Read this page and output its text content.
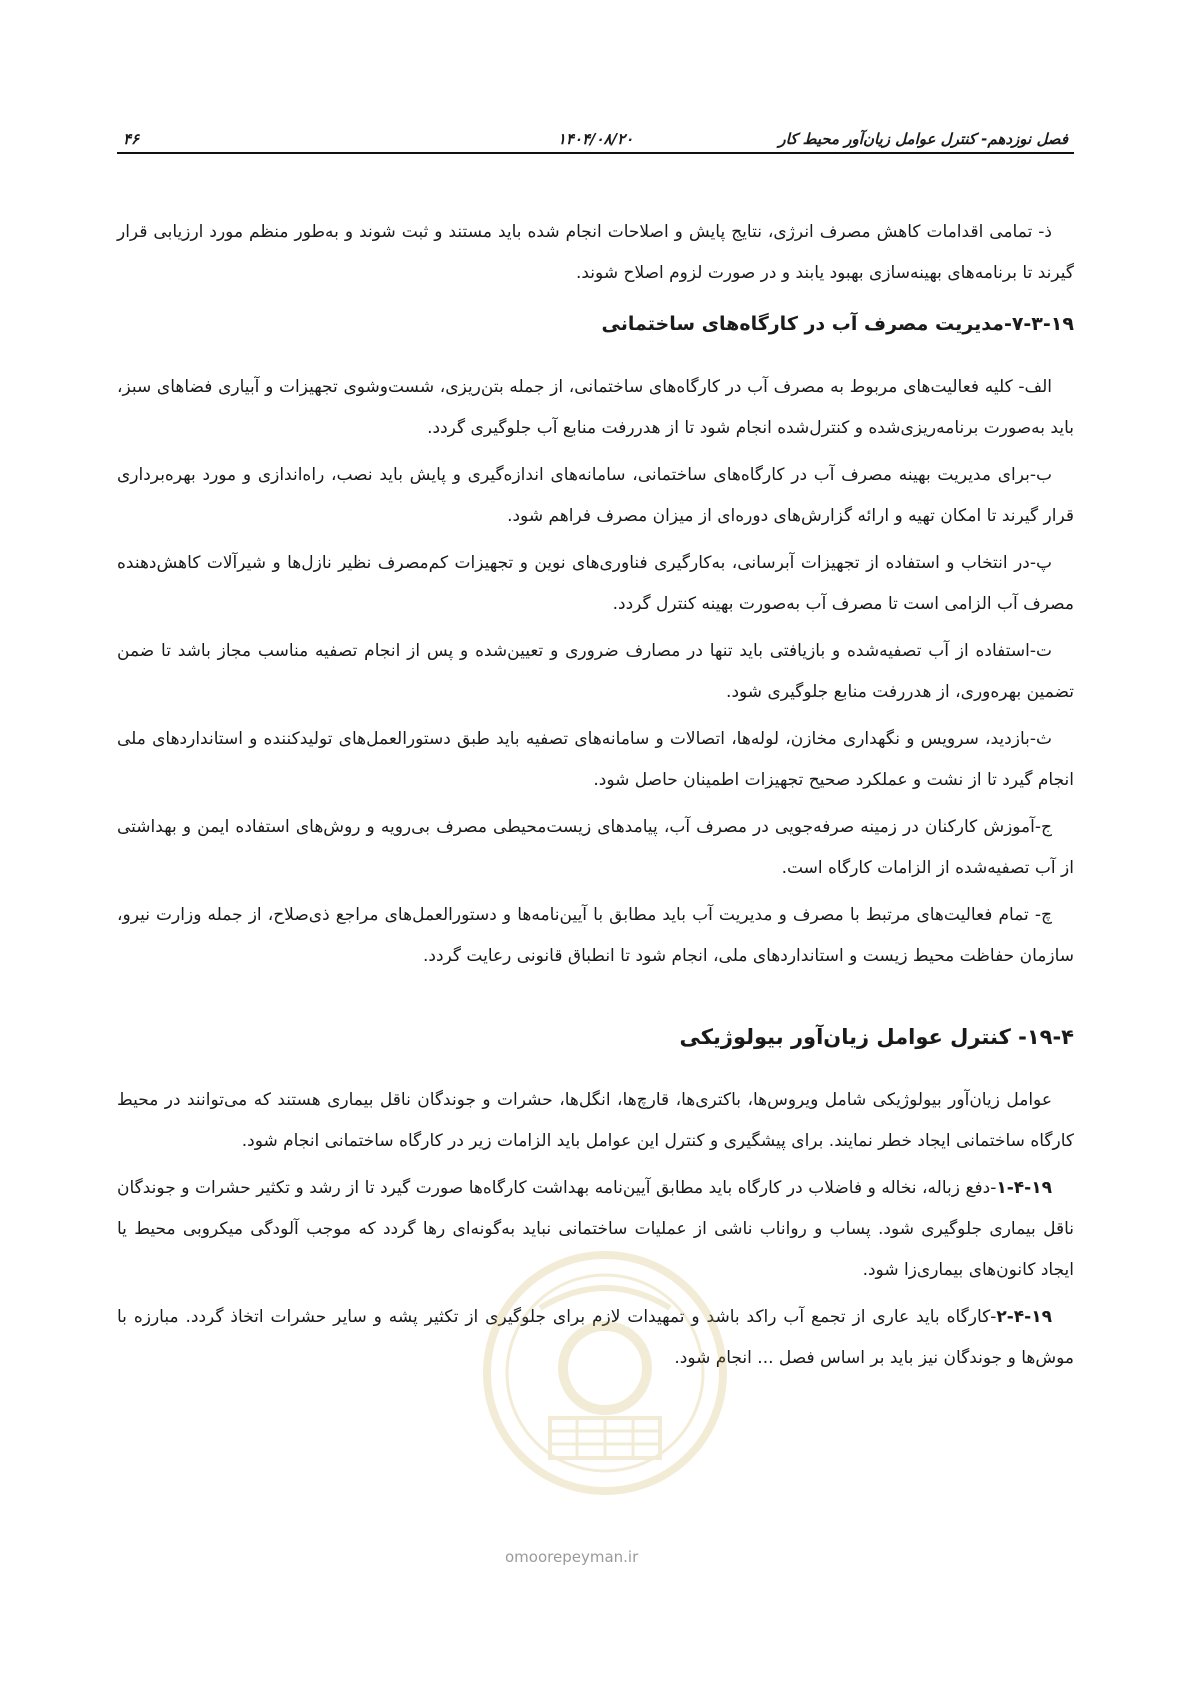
۴۶	۱۴۰۴/۰۸/۲۰	فصل نوزدهم- کنترل عوامل زیان‌آور محیط کار

ذ- تمامی اقدامات کاهش مصرف انرژی، نتایج پایش و اصلاحات انجام شده باید مستند و ثبت شوند و به‌طور منظم مورد ارزیابی قرار گیرند تا برنامه‌های بهینه‌سازی بهبود یابند و در صورت لزوم اصلاح شوند.

۷-۳-۱۹-مدیریت مصرف آب در کارگاه‌های ساختمانی

الف- کلیه فعالیت‌های مربوط به مصرف آب در کارگاه‌های ساختمانی، از جمله بتن‌ریزی، شست‌وشوی تجهیزات و آبیاری فضاهای سبز، باید به‌صورت برنامه‌ریزی‌شده و کنترل‌شده انجام شود تا از هدررفت منابع آب جلوگیری گردد.

ب-برای مدیریت بهینه مصرف آب در کارگاه‌های ساختمانی، سامانه‌های اندازه‌گیری و پایش باید نصب، راه‌اندازی و مورد بهره‌برداری قرار گیرند تا امکان تهیه و ارائه گزارش‌های دوره‌ای از میزان مصرف فراهم شود.

پ-در انتخاب و استفاده از تجهیزات آبرسانی، به‌کارگیری فناوری‌های نوین و تجهیزات کم‌مصرف نظیر نازل‌ها و شیرآلات کاهش‌دهنده مصرف آب الزامی است تا مصرف آب به‌صورت بهینه کنترل گردد.

ت-استفاده از آب تصفیه‌شده و بازیافتی باید تنها در مصارف ضروری و تعیین‌شده و پس از انجام تصفیه مناسب مجاز باشد تا ضمن تضمین بهره‌وری، از هدررفت منابع جلوگیری شود.

ث-بازدید، سرویس و نگهداری مخازن، لوله‌ها، اتصالات و سامانه‌های تصفیه باید طبق دستورالعمل‌های تولیدکننده و استانداردهای ملی انجام گیرد تا از نشت و عملکرد صحیح تجهیزات اطمینان حاصل شود.

ج-آموزش کارکنان در زمینه صرفه‌جویی در مصرف آب، پیامدهای زیست‌محیطی مصرف بی‌رویه و روش‌های استفاده ایمن و بهداشتی از آب تصفیه‌شده از الزامات کارگاه است.

چ- تمام فعالیت‌های مرتبط با مصرف و مدیریت آب باید مطابق با آیین‌نامه‌ها و دستورالعمل‌های مراجع ذی‌صلاح، از جمله وزارت نیرو، سازمان حفاظت محیط زیست و استانداردهای ملی، انجام شود تا انطباق قانونی رعایت گردد.

۱۹-۴- کنترل عوامل زیان‌آور بیولوژیکی

عوامل زیان‌آور بیولوژیکی شامل ویروس‌ها، باکتری‌ها، قارچ‌ها، انگل‌ها، حشرات و جوندگان ناقل بیماری هستند که می‌توانند در محیط کارگاه ساختمانی ایجاد خطر نمایند. برای پیشگیری و کنترل این عوامل باید الزامات زیر در کارگاه ساختمانی انجام شود.

۱-۴-۱۹-دفع زباله، نخاله و فاضلاب در کارگاه باید مطابق آیین‌نامه بهداشت کارگاه‌ها صورت گیرد تا از رشد و تکثیر حشرات و جوندگان ناقل بیماری جلوگیری شود. پساب و رواناب ناشی از عملیات ساختمانی نباید به‌گونه‌ای رها گردد که موجب آلودگی میکروبی محیط یا ایجاد کانون‌های بیماری‌زا شود.

۲-۴-۱۹-کارگاه باید عاری از تجمع آب راکد باشد و تمهیدات لازم برای جلوگیری از تکثیر پشه و سایر حشرات اتخاذ گردد. مبارزه با موش‌ها و جوندگان نیز باید بر اساس فصل ... انجام شود.

omoorepeyman.ir
